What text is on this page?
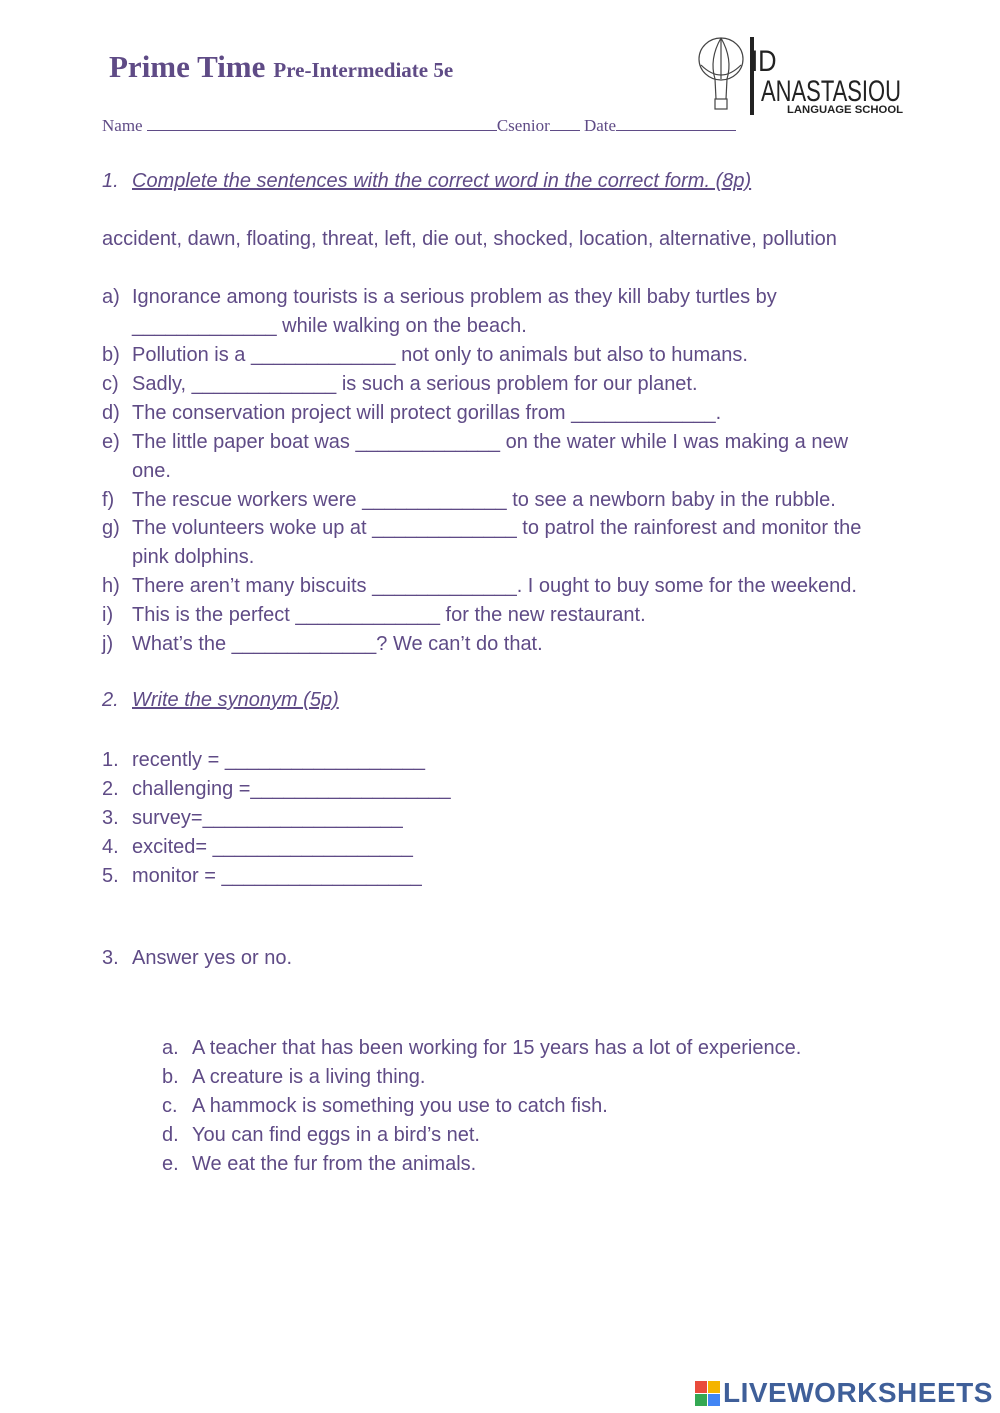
Prime Time Pre-Intermediate 5e	ID
ANASTASIOU
LANGUAGE SCHOOL
Name	Csenior Date
1. Complete the sentences with the correct word in the correct form. (8p)
accident, dawn, floating, threat, left, die out, shocked, location, alternative, pollution
a) Ignorance among tourists is a serious problem as they kill baby turtles by
_____________ while walking on the beach.
b) Pollution is a _____________ not only to animals but also to humans.
c) Sadly, _____________ is such a serious problem for our planet.
d) The conservation project will protect gorillas from _____________.
e) The little paper boat was _____________ on the water while I was making a new
one.
f) The rescue workers were _____________ to see a newborn baby in the rubble.
g) The volunteers woke up at _____________ to patrol the rainforest and monitor the
pink dolphins.
h) There aren’t many biscuits _____________. I ought to buy some for the weekend.
i) This is the perfect _____________ for the new restaurant.
j) What’s the _____________? We can’t do that.
2. Write the synonym (5p)
1. recently = __________________
2. challenging =__________________
3. survey=__________________
4. excited= __________________
5. monitor = __________________
3. Answer yes or no.
a. A teacher that has been working for 15 years has a lot of experience.
b. A creature is a living thing.
c. A hammock is something you use to catch fish.
d. You can find eggs in a bird’s net.
e. We eat the fur from the animals.
LIVEWORKSHEETS
